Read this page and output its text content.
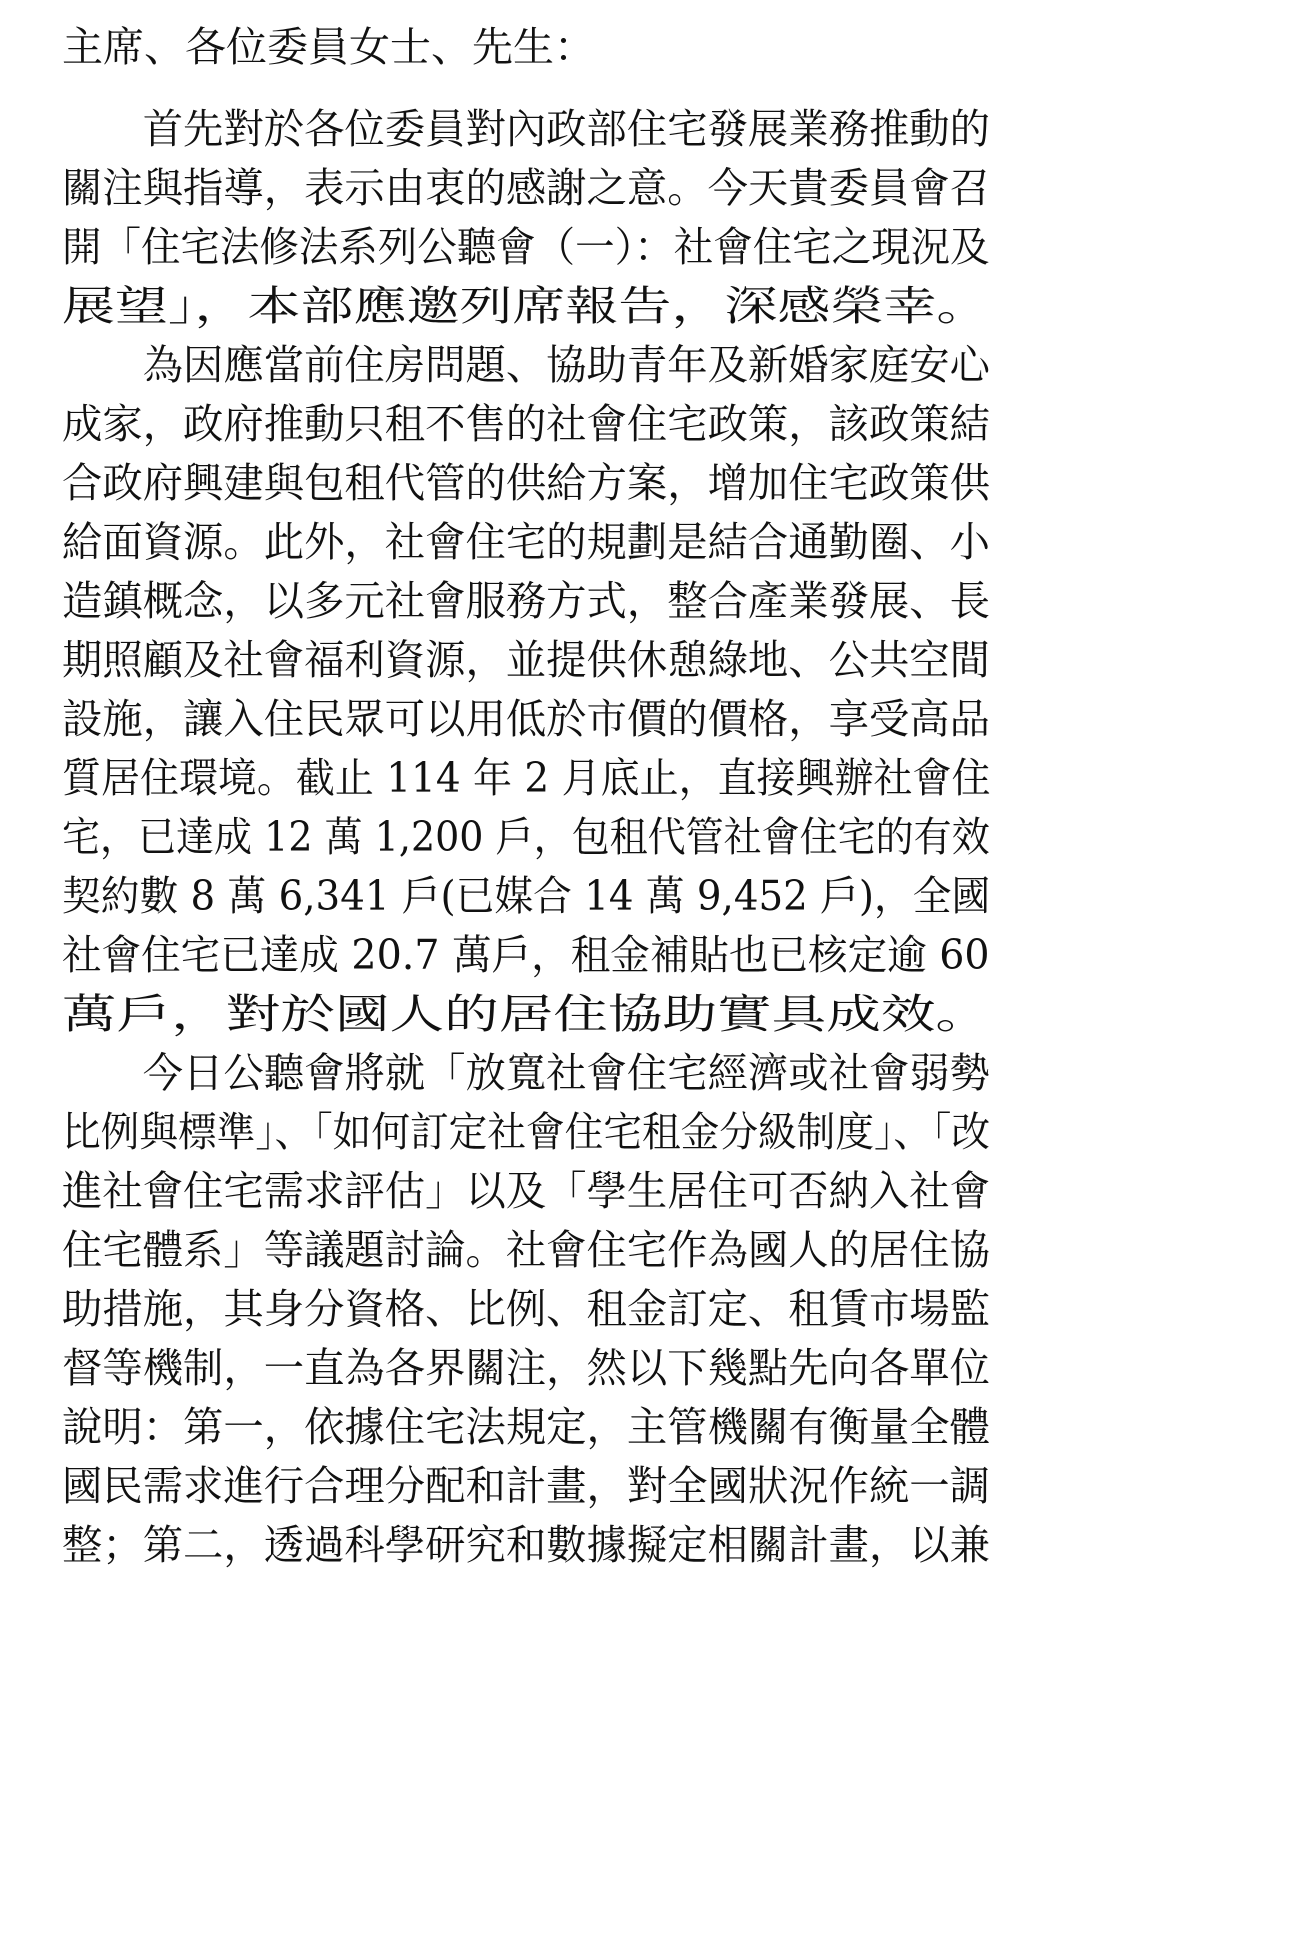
主席、各位委員女士、先生：
　　首先對於各位委員對內政部住宅發展業務推動的
關注與指導，表示由衷的感謝之意。今天貴委員會召
開「住宅法修法系列公聽會（一）：社會住宅之現況及
展望」，本部應邀列席報告，深感榮幸。
　　為因應當前住房問題、協助青年及新婚家庭安心
成家，政府推動只租不售的社會住宅政策，該政策結
合政府興建與包租代管的供給方案，增加住宅政策供
給面資源。此外，社會住宅的規劃是結合通勤圈、小
造鎮概念，以多元社會服務方式，整合產業發展、長
期照顧及社會福利資源，並提供休憩綠地、公共空間
設施，讓入住民眾可以用低於市價的價格，享受高品
質居住環境。截止 114 年 2 月底止，直接興辦社會住
宅，已達成 12 萬 1,200 戶，包租代管社會住宅的有效
契約數 8 萬 6,341 戶(已媒合 14 萬 9,452 戶)，全國
社會住宅已達成 20.7 萬戶，租金補貼也已核定逾 60
萬戶，對於國人的居住協助實具成效。
　　今日公聽會將就「放寬社會住宅經濟或社會弱勢
比例與標準」、「如何訂定社會住宅租金分級制度」、「改
進社會住宅需求評估」以及「學生居住可否納入社會
住宅體系」等議題討論。社會住宅作為國人的居住協
助措施，其身分資格、比例、租金訂定、租賃市場監
督等機制，一直為各界關注，然以下幾點先向各單位
說明：第一，依據住宅法規定，主管機關有衡量全體
國民需求進行合理分配和計畫，對全國狀況作統一調
整；第二，透過科學研究和數據擬定相關計畫，以兼
